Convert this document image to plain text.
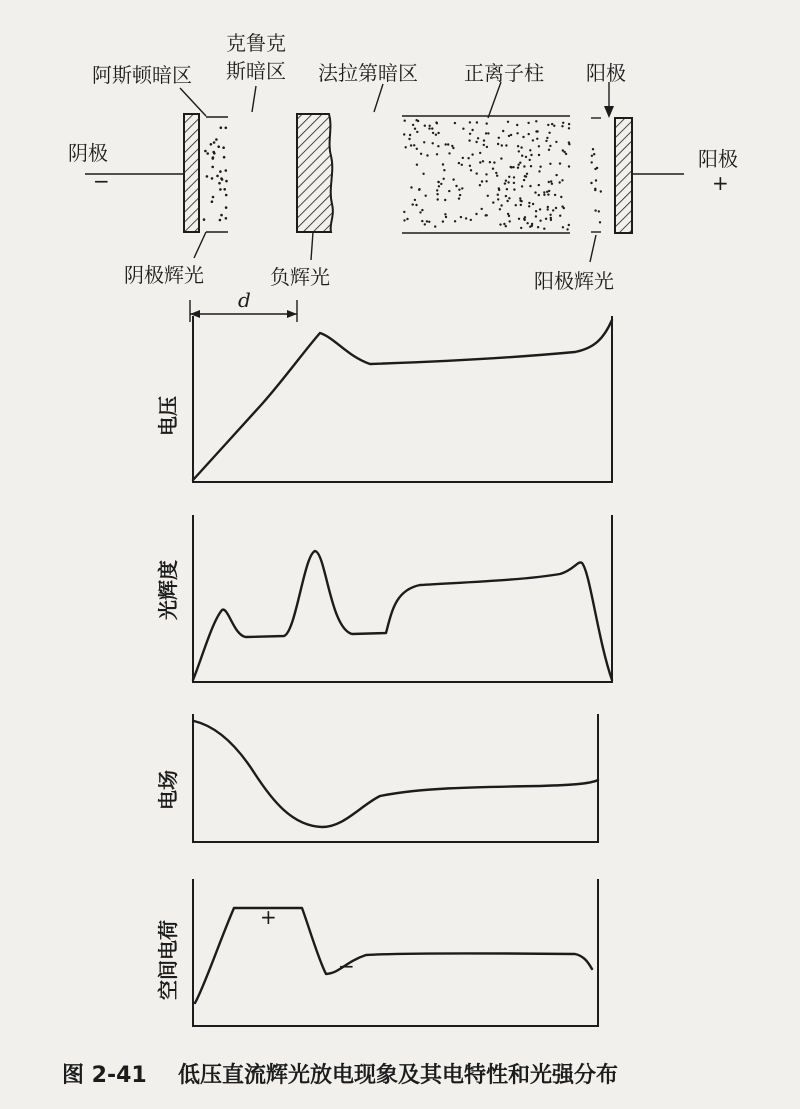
阿斯顿暗区
克鲁克
斯暗区 法拉第暗区 正离子柱 阳极
阴极
−
阳极
+
阴极辉光	负辉光	阳极辉光
d
电压
光辉度
电场
+
−
空间电荷
图 2-41 低压直流辉光放电现象及其电特性和光强分布
